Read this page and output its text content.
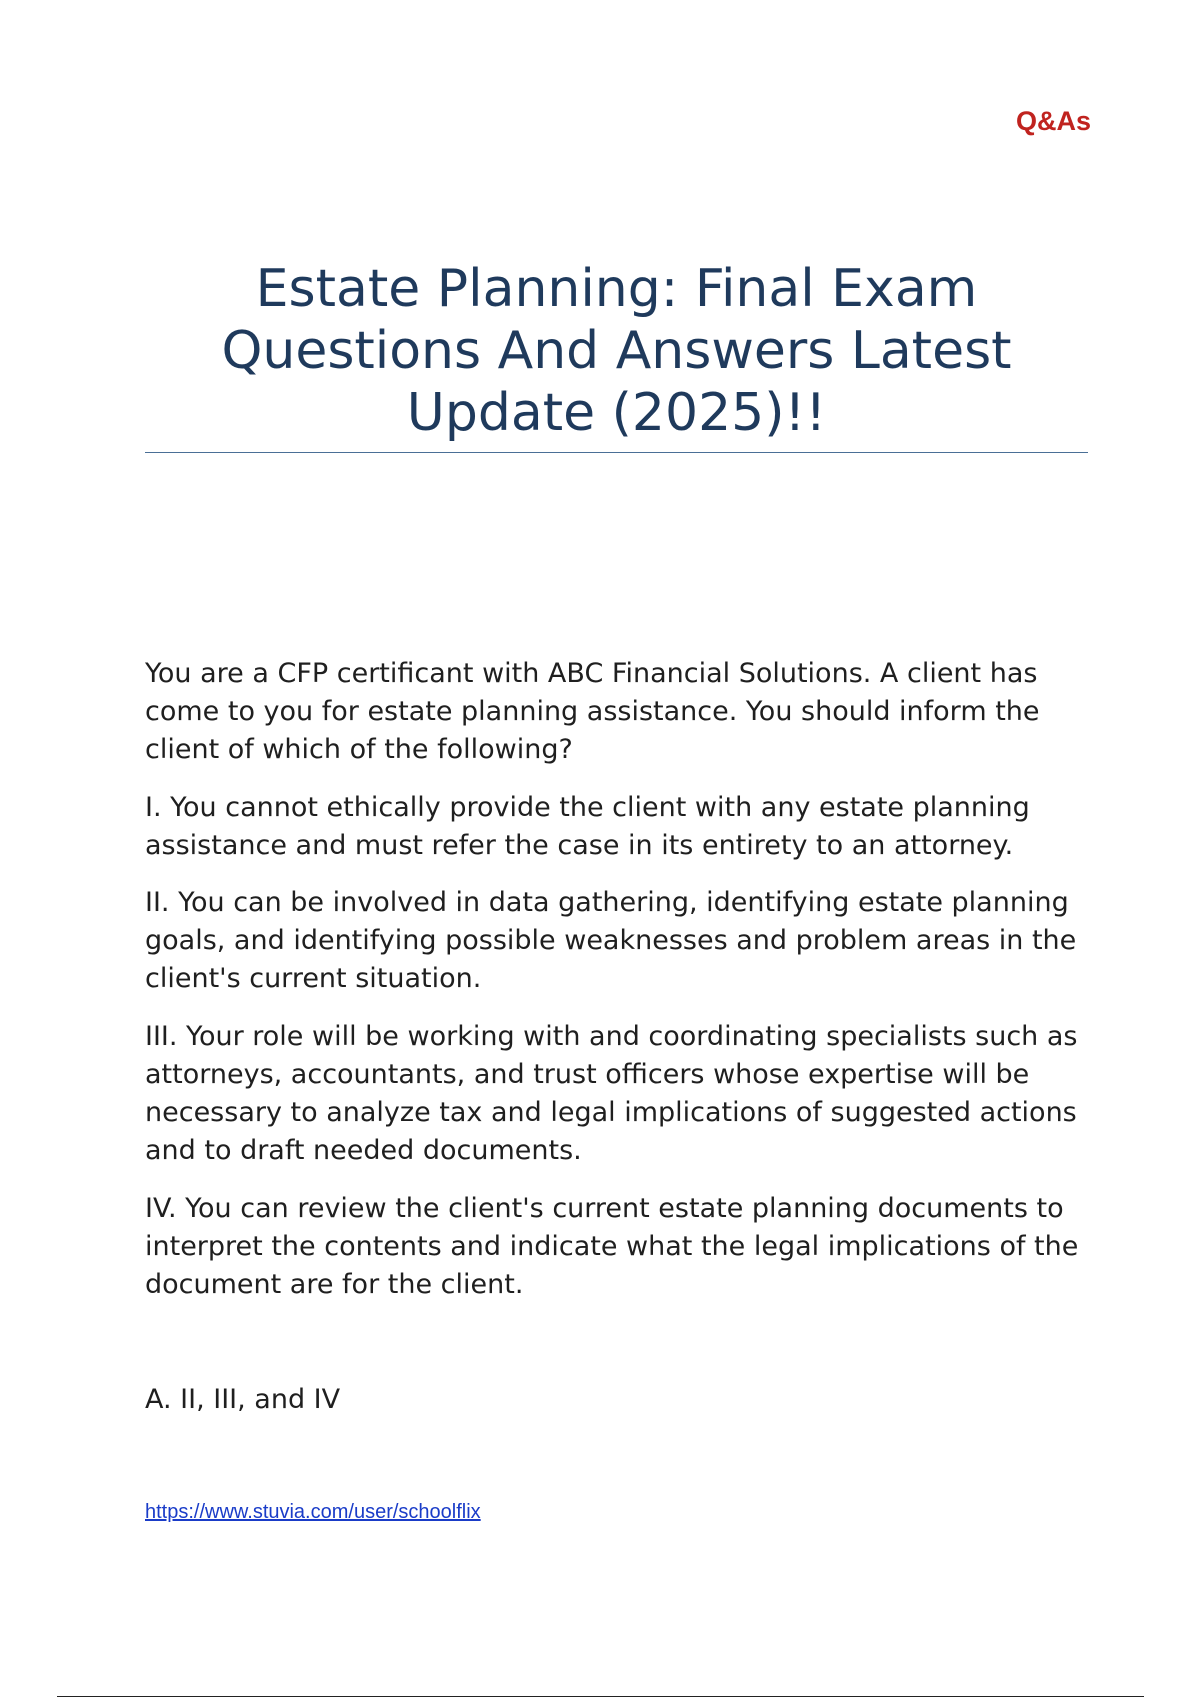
Q&As
Estate Planning: Final Exam Questions And Answers Latest Update (2025)!!

You are a CFP certificant with ABC Financial Solutions. A client has come to you for estate planning assistance. You should inform the client of which of the following?

I. You cannot ethically provide the client with any estate planning assistance and must refer the case in its entirety to an attorney.

II. You can be involved in data gathering, identifying estate planning goals, and identifying possible weaknesses and problem areas in the client's current situation.

III. Your role will be working with and coordinating specialists such as attorneys, accountants, and trust officers whose expertise will be necessary to analyze tax and legal implications of suggested actions and to draft needed documents.

IV. You can review the client's current estate planning documents to interpret the contents and indicate what the legal implications of the document are for the client.

A. II, III, and IV

https://www.stuvia.com/user/schoolflix
